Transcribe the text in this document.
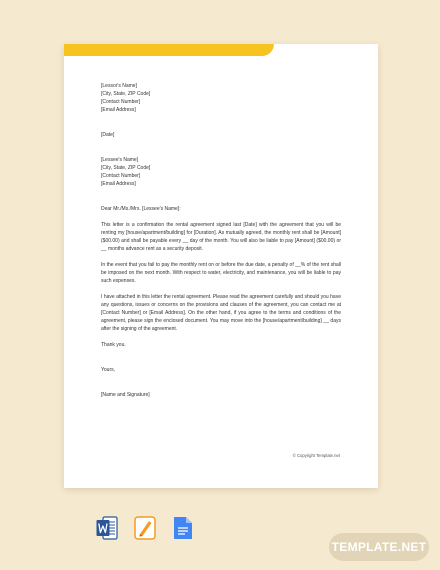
[Lessor's Name]

[City, State, ZIP Code]

[Contact Number]

[Email Address]

[Date]

[Lessee's Name]

[City, State, ZIP Code]

[Contact Number]

[Email Address]

Dear Mr./Ms./Mrs. [Lessee's Name]:

This letter is a confirmation the rental agreement signed last [Date] with the agreement that you will be renting my [house/apartment/building] for [Duration]. As mutually agreed, the monthly rent shall be [Amount] ($00.00) and shall be payable every __ day of the month. You will also be liable to pay [Amount] ($00.00) or __ months advance rent as a security deposit.

In the event that you fail to pay the monthly rent on or before the due date, a penalty of __% of the rent shall be imposed on the next month. With respect to water, electricity, and maintenance, you will be liable to pay such expenses.

I have attached in this letter the rental agreement. Please read the agreement carefully and should you have any questions, issues or concerns on the provisions and clauses of the agreement, you can contact me at [Contact Number] or [Email Address]. On the other hand, if you agree to the terms and conditions of the agreement, please sign the enclosed document. You may move into the [house/apartment/building] __ days after the signing of the agreement.

Thank you.

Yours,

[Name and Signature]

© Copyright Template.net
TEMPLATE.NET
